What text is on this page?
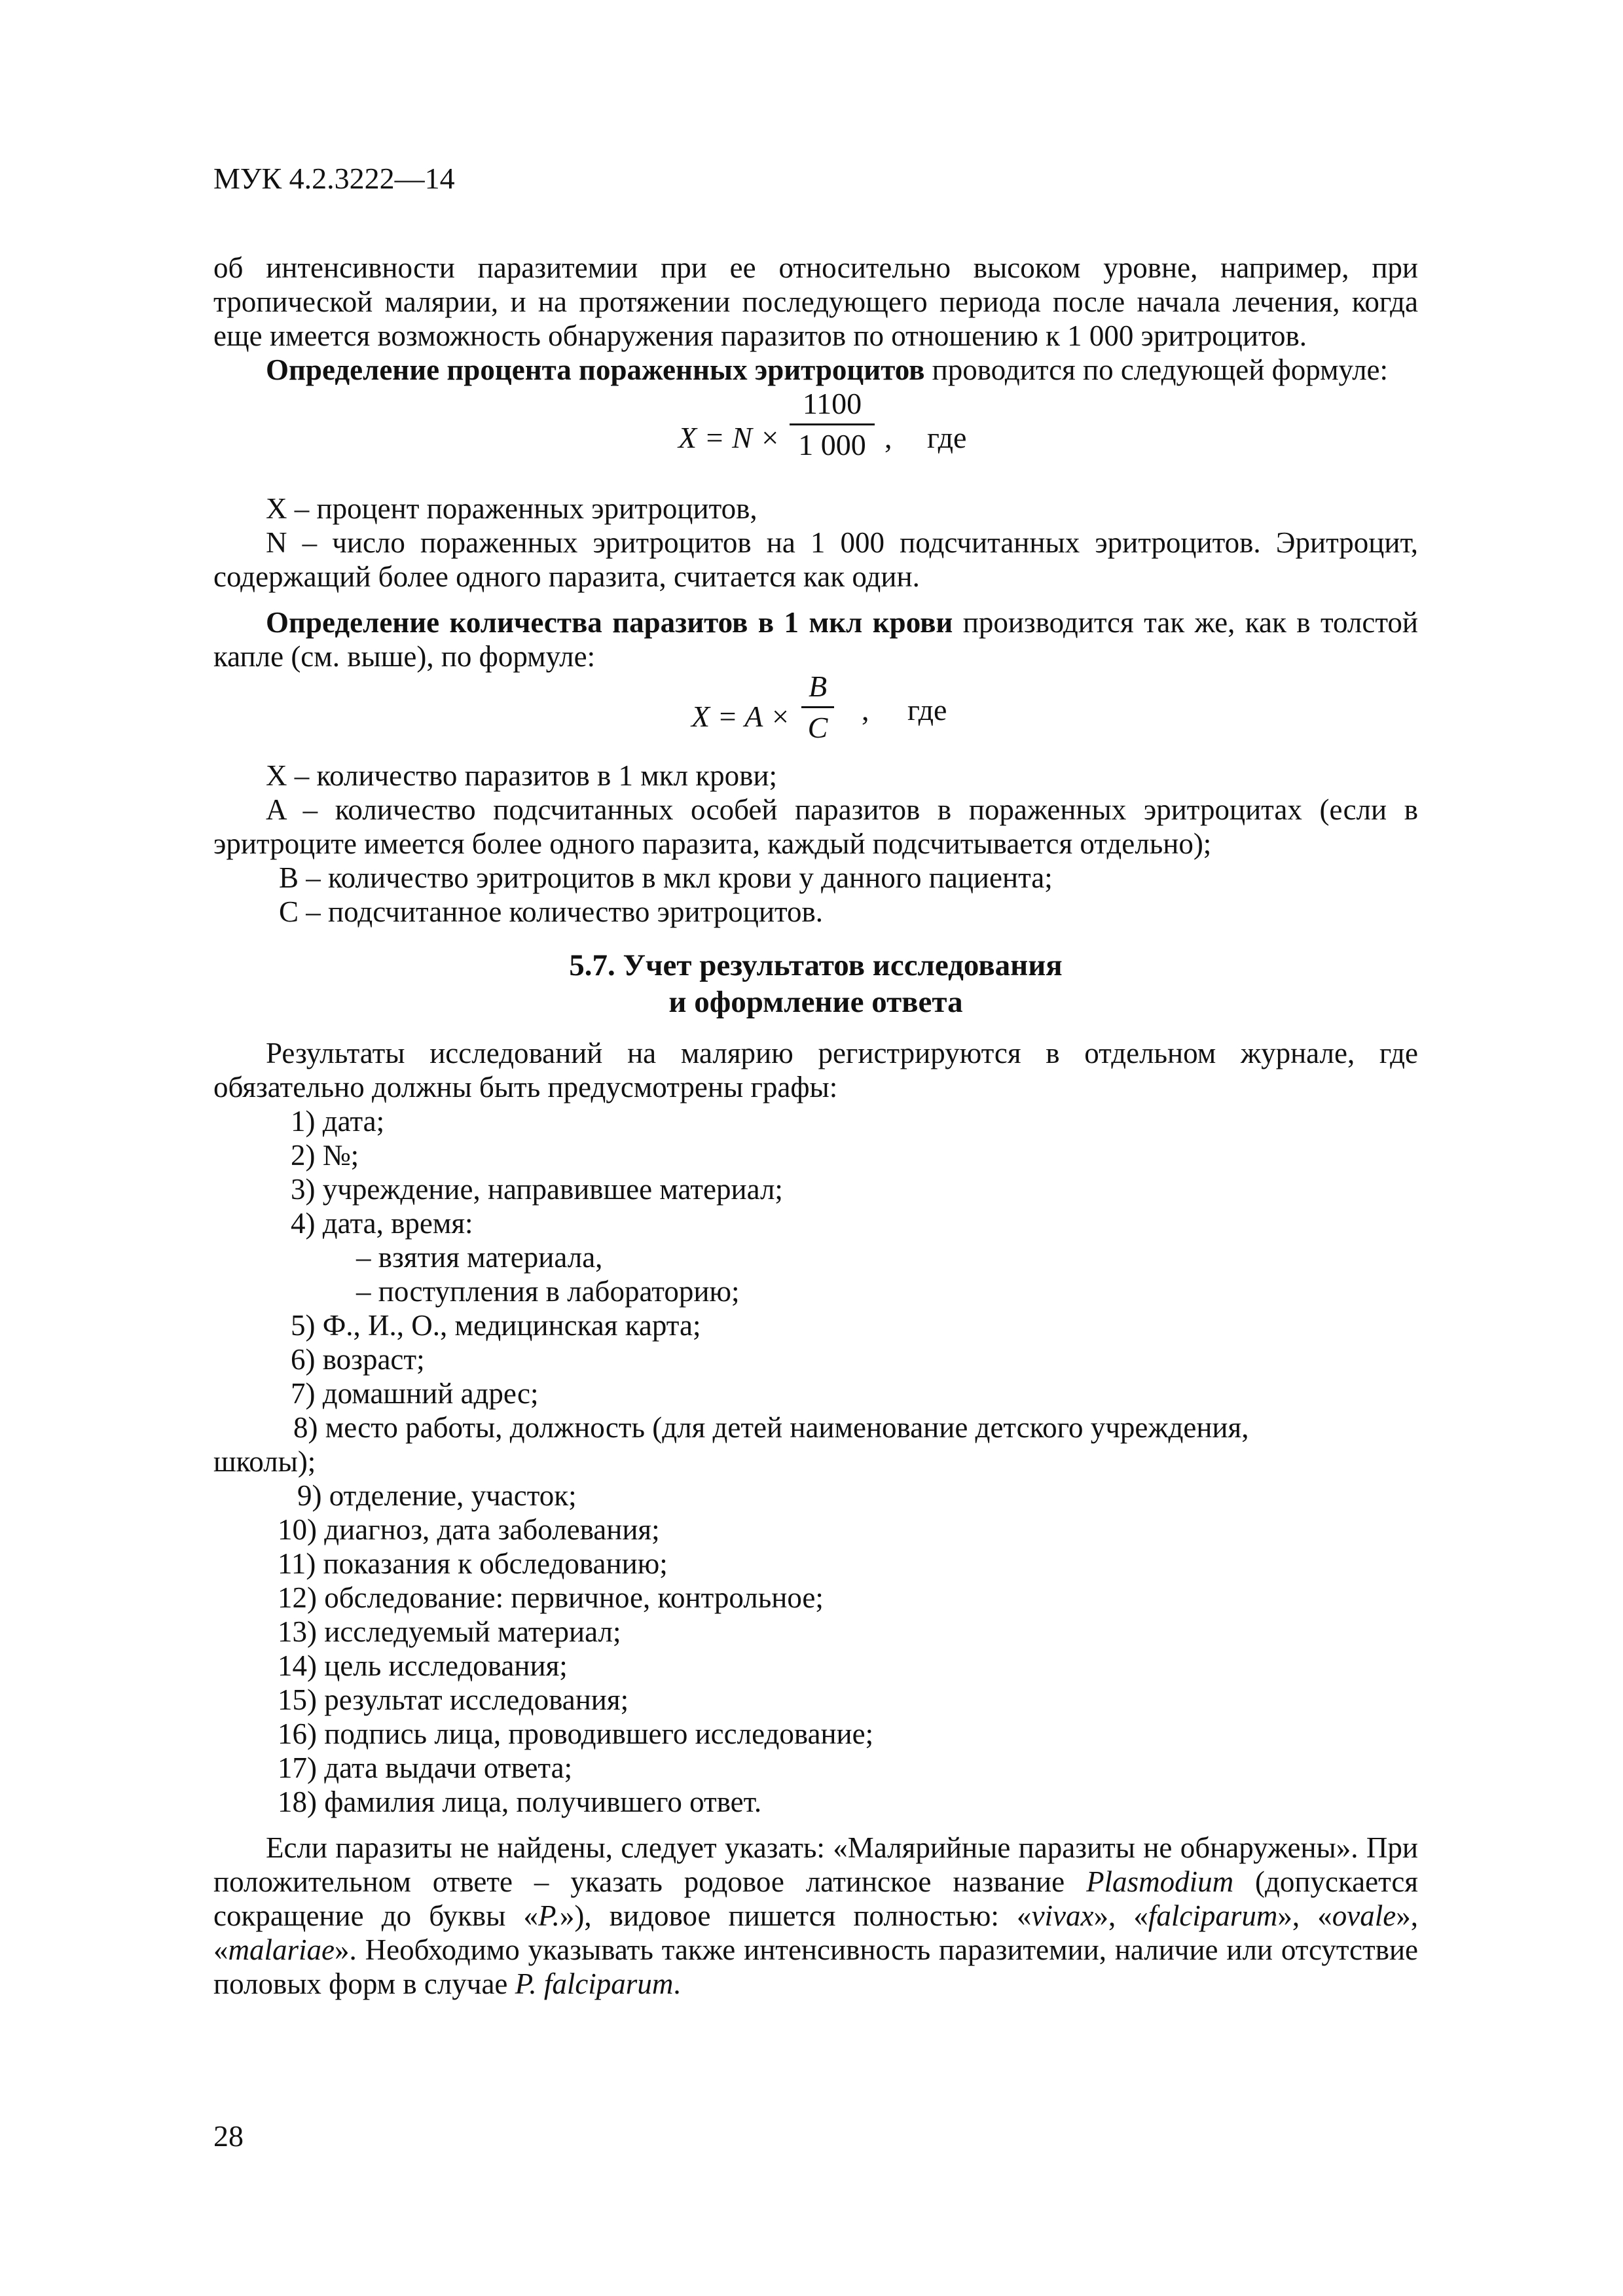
МУК 4.2.3222—14

об интенсивности паразитемии при ее относительно высоком уровне, например, при тропической малярии, и на протяжении последующего периода после начала лечения, когда еще имеется возможность обнаружения паразитов по отношению к 1 000 эритроцитов.

Определение процента пораженных эритроцитов проводится по следующей формуле:

X = N ×
1100
1 000 , где

X – процент пораженных эритроцитов,

N – число пораженных эритроцитов на 1 000 подсчитанных эритроцитов. Эритроцит, содержащий более одного паразита, считается как один.

Определение количества паразитов в 1 мкл крови производится так же, как в толстой капле (см. выше), по формуле:

X = A ×
B
C
, где

X – количество паразитов в 1 мкл крови;

A – количество подсчитанных особей паразитов в пораженных эритроцитах (если в эритроците имеется более одного паразита, каждый подсчитывается отдельно);

B – количество эритроцитов в мкл крови у данного пациента;

C – подсчитанное количество эритроцитов.

5.7. Учет результатов исследования
и оформление ответа

Результаты исследований на малярию регистрируются в отдельном журнале, где обязательно должны быть предусмотрены графы:

1) дата;
2) №;
3) учреждение, направившее материал;
4) дата, время:
– взятия материала,
– поступления в лабораторию;
5) Ф., И., О., медицинская карта;
6) возраст;
7) домашний адрес;
8) место работы, должность (для детей наименование детского учреждения,
школы);
9) отделение, участок;
10) диагноз, дата заболевания;
11) показания к обследованию;
12) обследование: первичное, контрольное;
13) исследуемый материал;
14) цель исследования;
15) результат исследования;
16) подпись лица, проводившего исследование;
17) дата выдачи ответа;
18) фамилия лица, получившего ответ.

Если паразиты не найдены, следует указать: «Малярийные паразиты не обнаружены». При положительном ответе – указать родовое латинское название Plasmodium (допускается сокращение до буквы «P.»), видовое пишется полностью: «vivax», «falciparum», «ovale», «malariae». Необходимо указывать также интенсивность паразитемии, наличие или отсутствие половых форм в случае P. falciparum.

28
